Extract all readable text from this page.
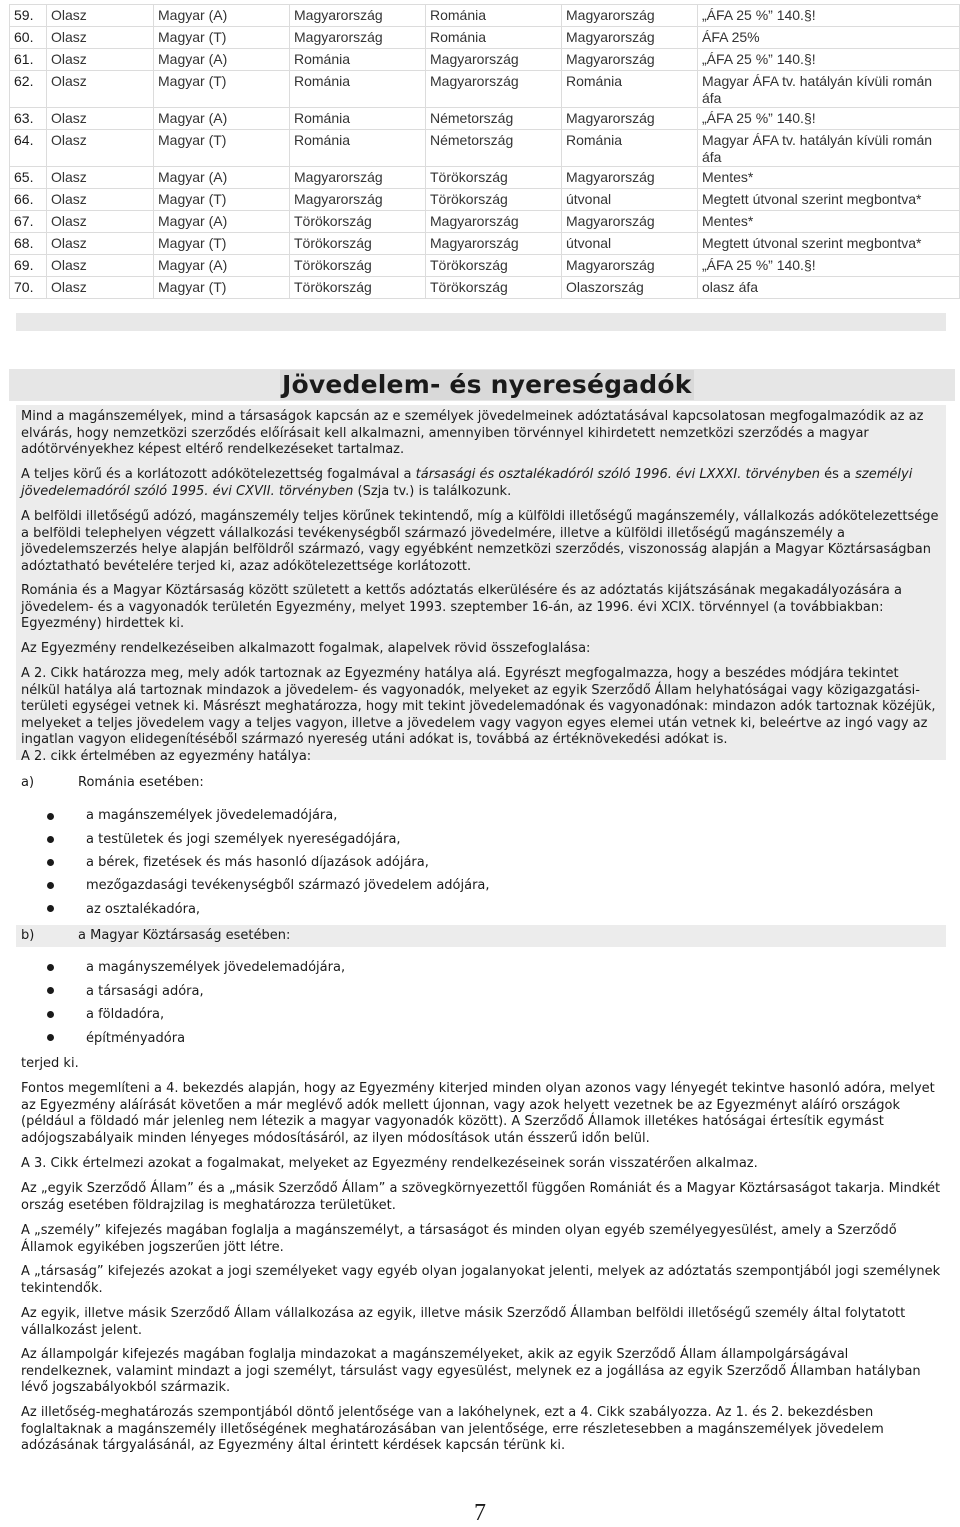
59.	Olasz	Magyar (A)	Magyarország	Románia	Magyarország	„ÁFA 25 %” 140.§!
60.	Olasz	Magyar (T)	Magyarország	Románia	Magyarország	ÁFA 25%
61.	Olasz	Magyar (A)	Románia	Magyarország	Magyarország	„ÁFA 25 %” 140.§!
62.	Olasz	Magyar (T)	Románia	Magyarország	Románia	Magyar ÁFA tv. hatályán kívüli román áfa
63.	Olasz	Magyar (A)	Románia	Németország	Magyarország	„ÁFA 25 %” 140.§!
64.	Olasz	Magyar (T)	Románia	Németország	Románia	Magyar ÁFA tv. hatályán kívüli román áfa
65.	Olasz	Magyar (A)	Magyarország	Törökország	Magyarország	Mentes*
66.	Olasz	Magyar (T)	Magyarország	Törökország	útvonal	Megtett útvonal szerint megbontva*
67.	Olasz	Magyar (A)	Törökország	Magyarország	Magyarország	Mentes*
68.	Olasz	Magyar (T)	Törökország	Magyarország	útvonal	Megtett útvonal szerint megbontva*
69.	Olasz	Magyar (A)	Törökország	Törökország	Magyarország	„ÁFA 25 %” 140.§!
70.	Olasz	Magyar (T)	Törökország	Törökország	Olaszország	olasz áfa
Jövedelem- és nyereségadók

Mind a magánszemélyek, mind a társaságok kapcsán az e személyek jövedelmeinek adóztatásával kapcsolatosan megfogalmazódik az az elvárás, hogy nemzetközi szerződés előírásait kell alkalmazni, amennyiben törvénnyel kihirdetett nemzetközi szerződés a magyar adótörvényekhez képest eltérő rendelkezéseket tartalmaz.

A teljes körű és a korlátozott adókötelezettség fogalmával a társasági és osztalékadóról szóló 1996. évi LXXXI. törvényben és a személyi jövedelemadóról szóló 1995. évi CXVII. törvényben (Szja tv.) is találkozunk.

A belföldi illetőségű adózó, magánszemély teljes körűnek tekintendő, míg a külföldi illetőségű magánszemély, vállalkozás adókötelezettsége a belföldi telephelyen végzett vállalkozási tevékenységből származó jövedelmére, illetve a külföldi illetőségű magánszemély a jövedelemszerzés helye alapján belföldről származó, vagy egyébként nemzetközi szerződés, viszonosság alapján a Magyar Köztársaságban adóztatható bevételére terjed ki, azaz adókötelezettsége korlátozott.

Románia és a Magyar Köztársaság között született a kettős adóztatás elkerülésére és az adóztatás kijátszásának megakadályozására a jövedelem- és a vagyonadók területén Egyezmény, melyet 1993. szeptember 16-án, az 1996. évi XCIX. törvénnyel (a továbbiakban: Egyezmény) hirdettek ki.

Az Egyezmény rendelkezéseiben alkalmazott fogalmak, alapelvek rövid összefoglalása:

A 2. Cikk határozza meg, mely adók tartoznak az Egyezmény hatálya alá. Egyrészt megfogalmazza, hogy a beszédes módjára tekintet nélkül hatálya alá tartoznak mindazok a jövedelem- és vagyonadók, melyeket az egyik Szerződő Állam helyhatóságai vagy közigazgatási-területi egységei vetnek ki. Másrészt meghatározza, hogy mit tekint jövedelemadónak és vagyonadónak: mindazon adók tartoznak közéjük, melyeket a teljes jövedelem vagy a teljes vagyon, illetve a jövedelem vagy vagyon egyes elemei után vetnek ki, beleértve az ingó vagy az ingatlan vagyon elidegenítéséből származó nyereség utáni adókat is, továbbá az értéknövekedési adókat is.

A 2. cikk értelmében az egyezmény hatálya:

a)	Románia esetében:
a magánszemélyek jövedelemadójára,
a testületek és jogi személyek nyereségadójára,
a bérek, fizetések és más hasonló díjazások adójára,
mezőgazdasági tevékenységből származó jövedelem adójára,
az osztalékadóra,
b)	a Magyar Köztársaság esetében:
a magányszemélyek jövedelemadójára,
a társasági adóra,
a földadóra,
építményadóra
terjed ki.

Fontos megemlíteni a 4. bekezdés alapján, hogy az Egyezmény kiterjed minden olyan azonos vagy lényegét tekintve hasonló adóra, melyet az Egyezmény aláírását követően a már meglévő adók mellett újonnan, vagy azok helyett vezetnek be az Egyezményt aláíró országok (például a földadó már jelenleg nem létezik a magyar vagyonadók között). A Szerződő Államok illetékes hatóságai értesítik egymást adójogszabályaik minden lényeges módosításáról, az ilyen módosítások után ésszerű időn belül.

A 3. Cikk értelmezi azokat a fogalmakat, melyeket az Egyezmény rendelkezéseinek során visszatérően alkalmaz.

Az „egyik Szerződő Állam” és a „másik Szerződő Állam” a szövegkörnyezettől függően Romániát és a Magyar Köztársaságot takarja. Mindkét ország esetében földrajzilag is meghatározza területüket.

A „személy” kifejezés magában foglalja a magánszemélyt, a társaságot és minden olyan egyéb személyegyesülést, amely a Szerződő Államok egyikében jogszerűen jött létre.

A „társaság” kifejezés azokat a jogi személyeket vagy egyéb olyan jogalanyokat jelenti, melyek az adóztatás szempontjából jogi személynek tekintendők.

Az egyik, illetve másik Szerződő Állam vállalkozása az egyik, illetve másik Szerződő Államban belföldi illetőségű személy által folytatott vállalkozást jelent.

Az állampolgár kifejezés magában foglalja mindazokat a magánszemélyeket, akik az egyik Szerződő Állam állampolgárságával rendelkeznek, valamint mindazt a jogi személyt, társulást vagy egyesülést, melynek ez a jogállása az egyik Szerződő Államban hatályban lévő jogszabályokból származik.

Az illetőség-meghatározás szempontjából döntő jelentősége van a lakóhelynek, ezt a 4. Cikk szabályozza. Az 1. és 2. bekezdésben foglaltaknak a magánszemély illetőségének meghatározásában van jelentősége, erre részletesebben a magánszemélyek jövedelem adózásának tárgyalásánál, az Egyezmény által érintett kérdések kapcsán térünk ki.

7
